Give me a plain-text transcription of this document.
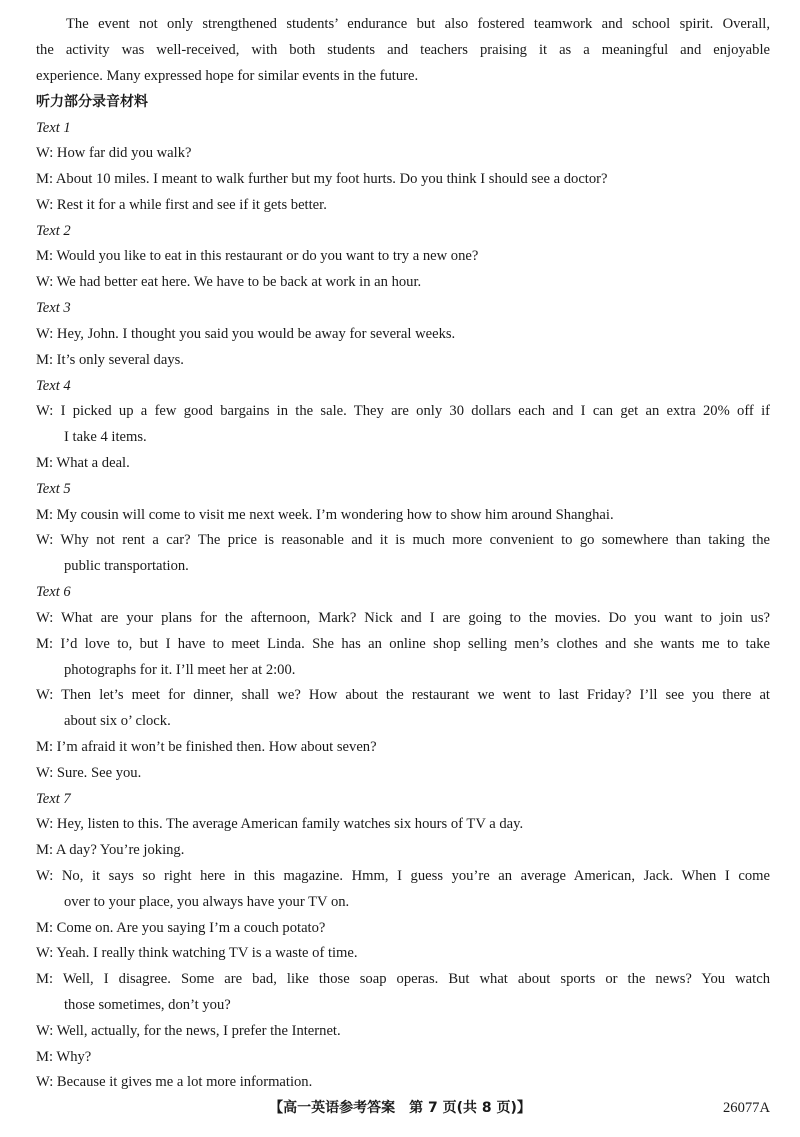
The event not only strengthened students’ endurance but also fostered teamwork and school spirit. Overall,
the activity was well-received, with both students and teachers praising it as a meaningful and enjoyable
experience. Many expressed hope for similar events in the future.
听力部分录音材料
Text 1
W: How far did you walk?
M: About 10 miles. I meant to walk further but my foot hurts. Do you think I should see a doctor?
W: Rest it for a while first and see if it gets better.
Text 2
M: Would you like to eat in this restaurant or do you want to try a new one?
W: We had better eat here. We have to be back at work in an hour.
Text 3
W: Hey, John. I thought you said you would be away for several weeks.
M: It’s only several days.
Text 4
W: I picked up a few good bargains in the sale. They are only 30 dollars each and I can get an extra 20% off if
I take 4 items.
M: What a deal.
Text 5
M: My cousin will come to visit me next week. I’m wondering how to show him around Shanghai.
W: Why not rent a car? The price is reasonable and it is much more convenient to go somewhere than taking the
public transportation.
Text 6
W: What are your plans for the afternoon, Mark? Nick and I are going to the movies. Do you want to join us?
M: I’d love to, but I have to meet Linda. She has an online shop selling men’s clothes and she wants me to take
photographs for it. I’ll meet her at 2:00.
W: Then let’s meet for dinner, shall we? How about the restaurant we went to last Friday? I’ll see you there at
about six o’ clock.
M: I’m afraid it won’t be finished then. How about seven?
W: Sure. See you.
Text 7
W: Hey, listen to this. The average American family watches six hours of TV a day.
M: A day? You’re joking.
W: No, it says so right here in this magazine. Hmm, I guess you’re an average American, Jack. When I come
over to your place, you always have your TV on.
M: Come on. Are you saying I’m a couch potato?
W: Yeah. I really think watching TV is a waste of time.
M: Well, I disagree. Some are bad, like those soap operas. But what about sports or the news? You watch
those sometimes, don’t you?
W: Well, actually, for the news, I prefer the Internet.
M: Why?
W: Because it gives me a lot more information.
【高一英语参考答案　第 7 页(共 8 页)】	26077A
